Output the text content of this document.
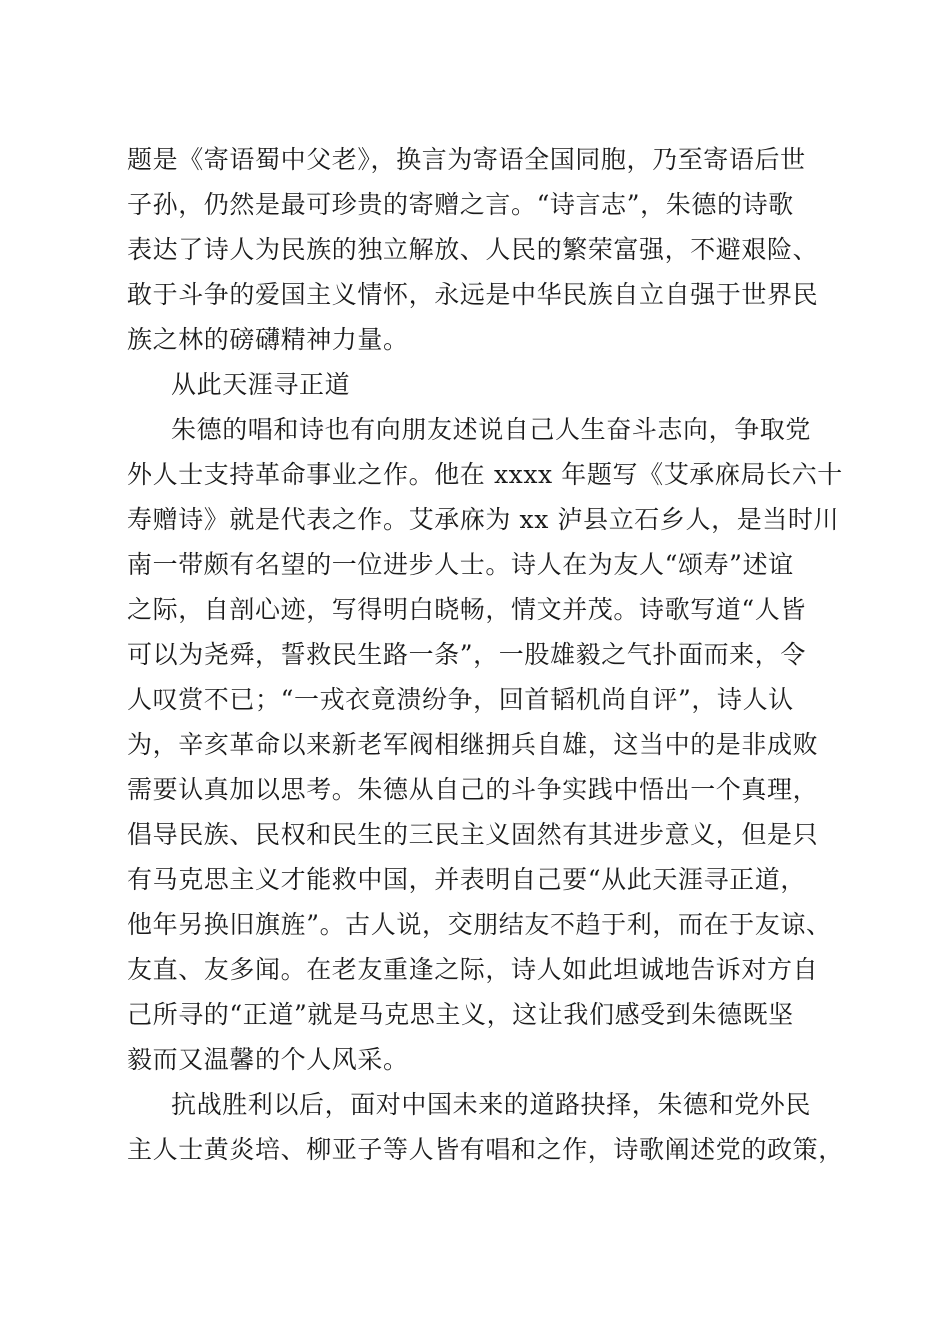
题是《寄语蜀中父老》，换言为寄语全国同胞，乃至寄语后世
子孙，仍然是最可珍贵的寄赠之言。“诗言志”，朱德的诗歌
表达了诗人为民族的独立解放、人民的繁荣富强，不避艰险、
敢于斗争的爱国主义情怀，永远是中华民族自立自强于世界民
族之林的磅礴精神力量。
从此天涯寻正道
朱德的唱和诗也有向朋友述说自己人生奋斗志向，争取党
外人士支持革命事业之作。他在 xxxx 年题写《艾承庥局长六十
寿赠诗》就是代表之作。艾承庥为 xx 泸县立石乡人，是当时川
南一带颇有名望的一位进步人士。诗人在为友人“颂寿”述谊
之际，自剖心迹，写得明白晓畅，情文并茂。诗歌写道“人皆
可以为尧舜，誓救民生路一条”，一股雄毅之气扑面而来，令
人叹赏不已；“一戎衣竟溃纷争，回首韬机尚自评”，诗人认
为，辛亥革命以来新老军阀相继拥兵自雄，这当中的是非成败
需要认真加以思考。朱德从自己的斗争实践中悟出一个真理，
倡导民族、民权和民生的三民主义固然有其进步意义，但是只
有马克思主义才能救中国，并表明自己要“从此天涯寻正道，
他年另换旧旗旌”。古人说，交朋结友不趋于利，而在于友谅、
友直、友多闻。在老友重逢之际，诗人如此坦诚地告诉对方自
己所寻的“正道”就是马克思主义，这让我们感受到朱德既坚
毅而又温馨的个人风采。
抗战胜利以后，面对中国未来的道路抉择，朱德和党外民
主人士黄炎培、柳亚子等人皆有唱和之作，诗歌阐述党的政策，
